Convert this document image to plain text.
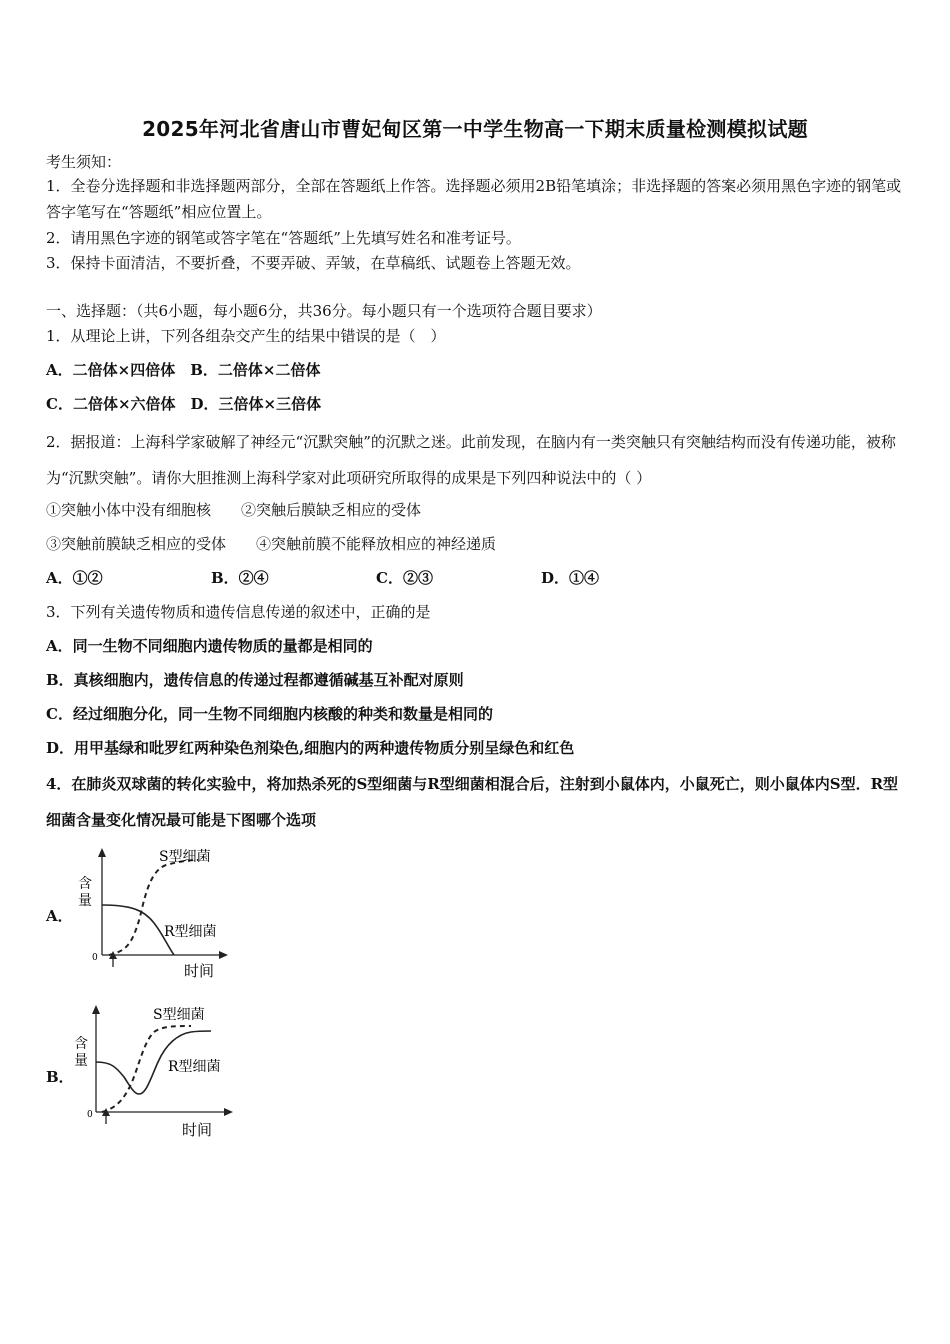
2025年河北省唐山市曹妃甸区第一中学生物高一下期末质量检测模拟试题
考生须知：
1．全卷分选择题和非选择题两部分，全部在答题纸上作答。选择题必须用2B铅笔填涂；非选择题的答案必须用黑色字迹的钢笔或答字笔写在“答题纸”相应位置上。
2．请用黑色字迹的钢笔或答字笔在“答题纸”上先填写姓名和准考证号。
3．保持卡面清洁，不要折叠，不要弄破、弄皱，在草稿纸、试题卷上答题无效。
一、选择题：（共6小题，每小题6分，共36分。每小题只有一个选项符合题目要求）
1．从理论上讲，下列各组杂交产生的结果中错误的是（　）
A．二倍体×四倍体　B．二倍体×二倍体
C．二倍体×六倍体　D．三倍体×三倍体
2．据报道：上海科学家破解了神经元“沉默突触”的沉默之迷。此前发现，在脑内有一类突触只有突触结构而没有传递功能，被称为“沉默突触”。请你大胆推测上海科学家对此项研究所取得的成果是下列四种说法中的（ ）
①突触小体中没有细胞核　　②突触后膜缺乏相应的受体
③突触前膜缺乏相应的受体　　④突触前膜不能释放相应的神经递质
A．①②	B．②④	C．②③	D．①④
3．下列有关遗传物质和遗传信息传递的叙述中，正确的是
A．同一生物不同细胞内遗传物质的量都是相同的
B．真核细胞内，遗传信息的传递过程都遵循碱基互补配对原则
C．经过细胞分化，同一生物不同细胞内核酸的种类和数量是相同的
D．用甲基绿和吡罗红两种染色剂染色,细胞内的两种遗传物质分别呈绿色和红色
4．在肺炎双球菌的转化实验中，将加热杀死的S型细菌与R型细菌相混合后，注射到小鼠体内，小鼠死亡，则小鼠体内S型．R型细菌含量变化情况最可能是下图哪个选项
A．
含
量
0
S型细菌
R型细菌
时间
B．
含
量
0
S型细菌
R型细菌
时间
